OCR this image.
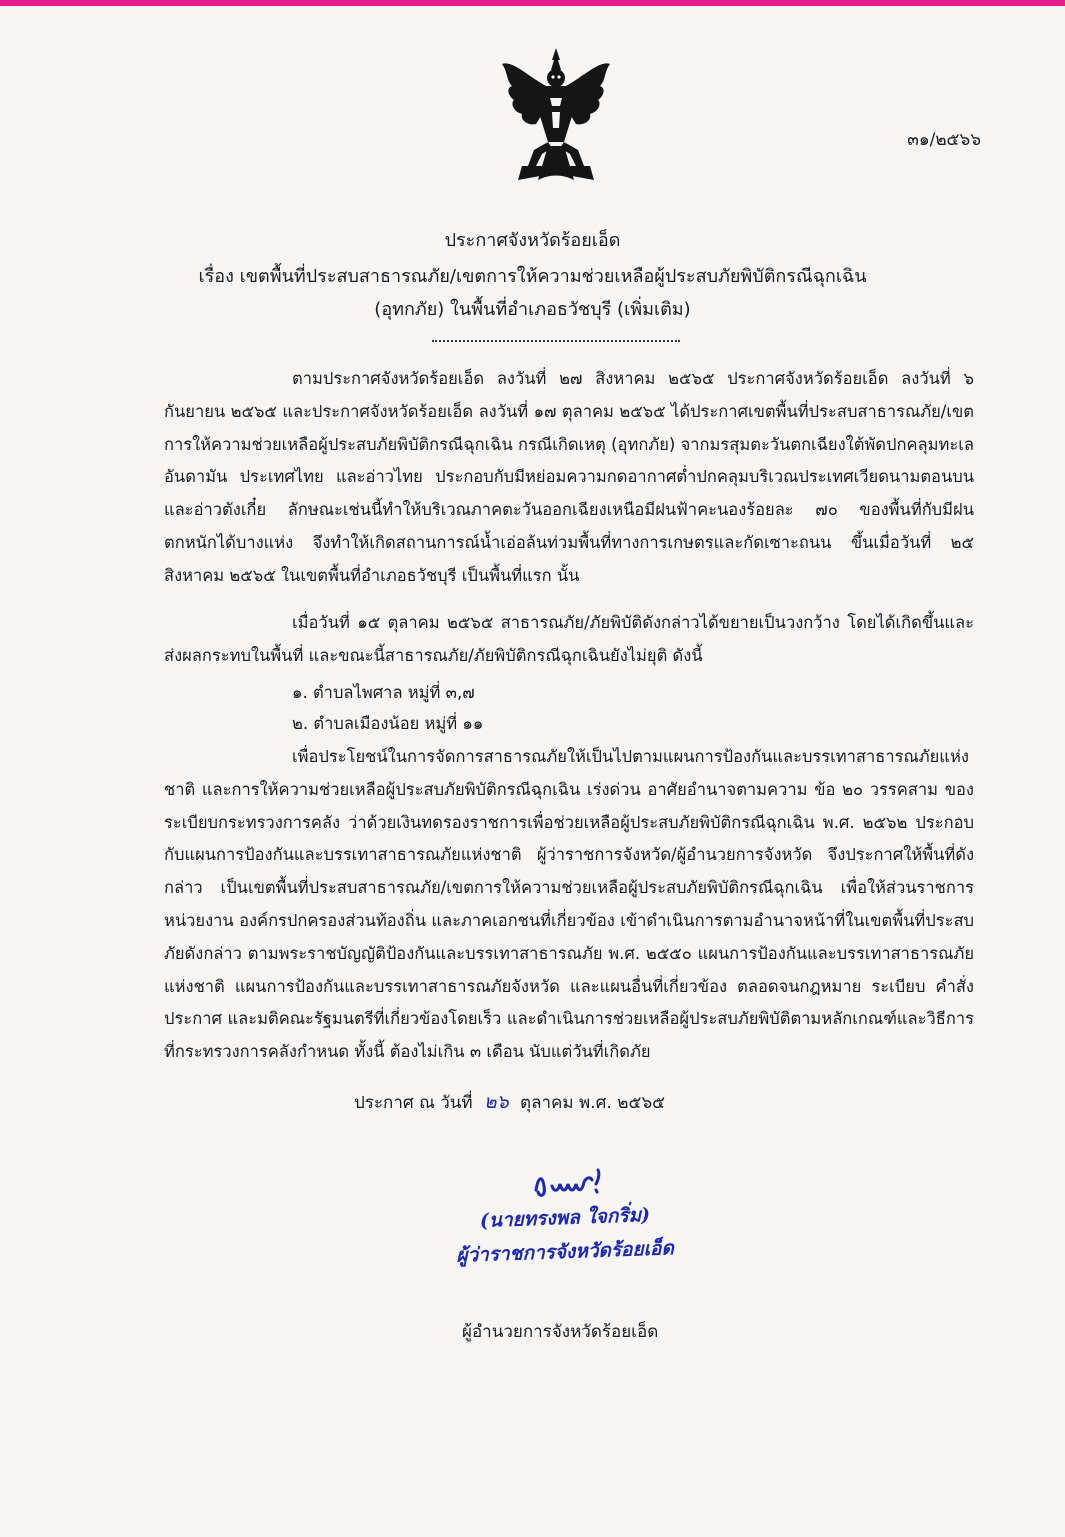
๓๑/๒๕๖๖
ประกาศจังหวัดร้อยเอ็ด
เรื่อง เขตพื้นที่ประสบสาธารณภัย/เขตการให้ความช่วยเหลือผู้ประสบภัยพิบัติกรณีฉุกเฉิน
(อุทกภัย) ในพื้นที่อำเภอธวัชบุรี (เพิ่มเติม)

ตามประกาศจังหวัดร้อยเอ็ด ลงวันที่ ๒๗ สิงหาคม ๒๕๖๕ ประกาศจังหวัดร้อยเอ็ด ลงวันที่ ๖ กันยายน ๒๕๖๕ และประกาศจังหวัดร้อยเอ็ด ลงวันที่ ๑๗ ตุลาคม ๒๕๖๕ ได้ประกาศเขตพื้นที่ประสบสาธารณภัย/เขตการให้ความช่วยเหลือผู้ประสบภัยพิบัติกรณีฉุกเฉิน กรณีเกิดเหตุ (อุทกภัย) จากมรสุมตะวันตกเฉียงใต้พัดปกคลุมทะเลอันดามัน ประเทศไทย และอ่าวไทย ประกอบกับมีหย่อมความกดอากาศต่ำปกคลุมบริเวณประเทศเวียดนามตอนบนและอ่าวตังเกี๋ย ลักษณะเช่นนี้ทำให้บริเวณภาคตะวันออกเฉียงเหนือมีฝนฟ้าคะนองร้อยละ ๗๐ ของพื้นที่กับมีฝนตกหนักได้บางแห่ง จึงทำให้เกิดสถานการณ์น้ำเอ่อล้นท่วมพื้นที่ทางการเกษตรและกัดเซาะถนน ขึ้นเมื่อวันที่ ๒๕ สิงหาคม ๒๕๖๕ ในเขตพื้นที่อำเภอธวัชบุรี เป็นพื้นที่แรก นั้น

เมื่อวันที่ ๑๕ ตุลาคม ๒๕๖๕ สาธารณภัย/ภัยพิบัติดังกล่าวได้ขยายเป็นวงกว้าง โดยได้เกิดขึ้นและส่งผลกระทบในพื้นที่ และขณะนี้สาธารณภัย/ภัยพิบัติกรณีฉุกเฉินยังไม่ยุติ ดังนี้

๑. ตำบลไพศาล หมู่ที่ ๓,๗
๒. ตำบลเมืองน้อย หมู่ที่ ๑๑

เพื่อประโยชน์ในการจัดการสาธารณภัยให้เป็นไปตามแผนการป้องกันและบรรเทาสาธารณภัยแห่งชาติ และการให้ความช่วยเหลือผู้ประสบภัยพิบัติกรณีฉุกเฉิน เร่งด่วน อาศัยอำนาจตามความ ข้อ ๒๐ วรรคสาม ของระเบียบกระทรวงการคลัง ว่าด้วยเงินทดรองราชการเพื่อช่วยเหลือผู้ประสบภัยพิบัติกรณีฉุกเฉิน พ.ศ. ๒๕๖๒ ประกอบกับแผนการป้องกันและบรรเทาสาธารณภัยแห่งชาติ ผู้ว่าราชการจังหวัด/ผู้อำนวยการจังหวัด จึงประกาศให้พื้นที่ดังกล่าว เป็นเขตพื้นที่ประสบสาธารณภัย/เขตการให้ความช่วยเหลือผู้ประสบภัยพิบัติกรณีฉุกเฉิน เพื่อให้ส่วนราชการ หน่วยงาน องค์กรปกครองส่วนท้องถิ่น และภาคเอกชนที่เกี่ยวข้อง เข้าดำเนินการตามอำนาจหน้าที่ในเขตพื้นที่ประสบภัยดังกล่าว ตามพระราชบัญญัติป้องกันและบรรเทาสาธารณภัย พ.ศ. ๒๕๕๐ แผนการป้องกันและบรรเทาสาธารณภัยแห่งชาติ แผนการป้องกันและบรรเทาสาธารณภัยจังหวัด และแผนอื่นที่เกี่ยวข้อง ตลอดจนกฎหมาย ระเบียบ คำสั่ง ประกาศ และมติคณะรัฐมนตรีที่เกี่ยวข้องโดยเร็ว และดำเนินการช่วยเหลือผู้ประสบภัยพิบัติตามหลักเกณฑ์และวิธีการที่กระทรวงการคลังกำหนด ทั้งนี้ ต้องไม่เกิน ๓ เดือน นับแต่วันที่เกิดภัย

ประกาศ ณ วันที่ ๒๖ ตุลาคม พ.ศ. ๒๕๖๕
(นายทรงพล ใจกริ่ม)
ผู้ว่าราชการจังหวัดร้อยเอ็ด
ผู้อำนวยการจังหวัดร้อยเอ็ด
